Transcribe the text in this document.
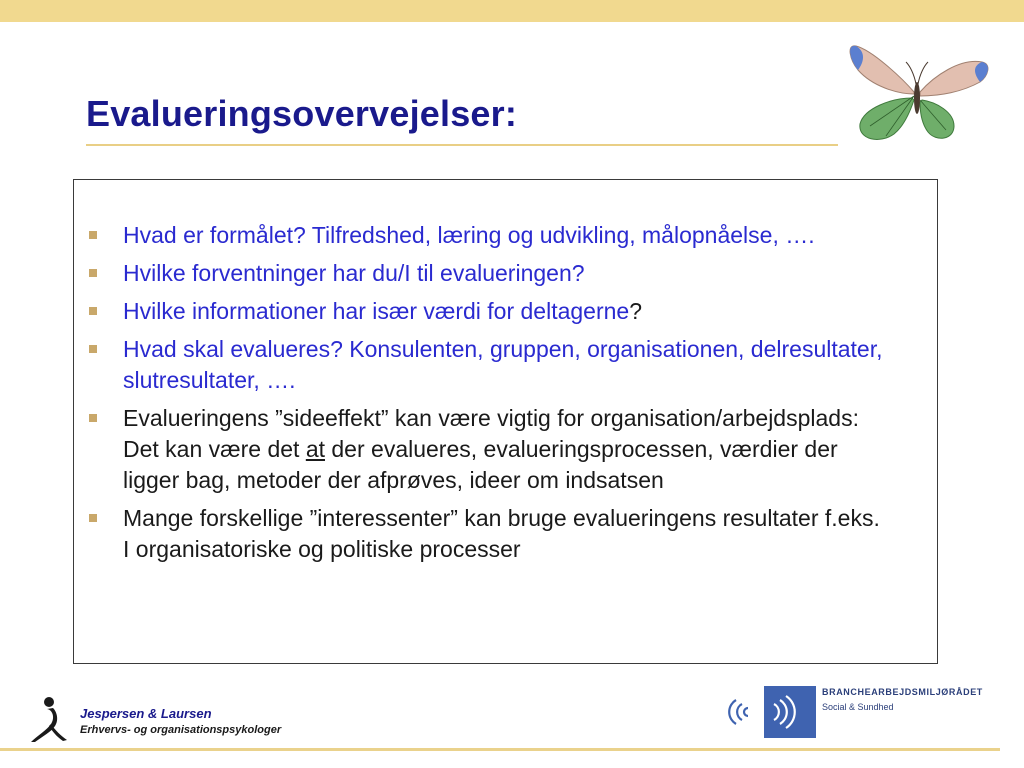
Evalueringsovervejelser:
Hvad er formålet? Tilfredshed, læring og udvikling, målopnåelse, ….
Hvilke forventninger har du/I til evalueringen?
Hvilke informationer har især værdi for deltagerne?
Hvad skal evalueres? Konsulenten, gruppen, organisationen, delresultater, slutresultater, ….
Evalueringens ”sideeffekt” kan være vigtig for organisation/arbejdsplads: Det kan være det at der evalueres, evalueringsprocessen, værdier der ligger bag, metoder der afprøves, ideer om indsatsen
Mange forskellige ”interessenter” kan bruge evalueringens resultater f.eks. I organisatoriske og politiske processer
Jespersen & Laursen
Erhvervs- og organisationspsykologer
BRANCHEARBEJDSMILJØRÅDET
Social & Sundhed
